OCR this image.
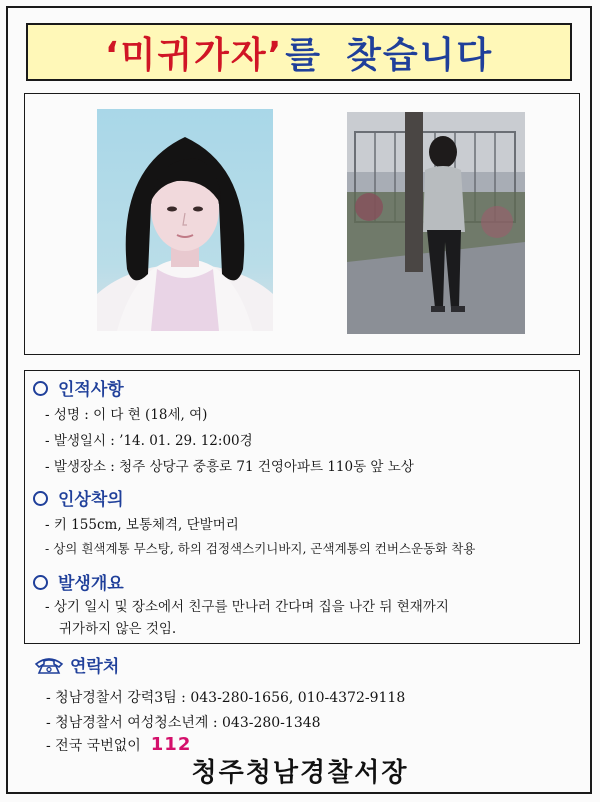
‘미귀가자’ 를 찾습니다
인적사항
- 성명 : 이 다 현 (18세, 여)
- 발생일시 : ’14. 01. 29. 12:00경
- 발생장소 : 청주 상당구 중흥로 71 건영아파트 110동 앞 노상
인상착의
- 키 155cm, 보통체격, 단발머리
- 상의 흰색계통 무스탕, 하의 검정색스키니바지, 곤색계통의 컨버스운동화 착용
발생개요
- 상기 일시 및 장소에서 친구를 만나러 간다며 집을 나간 뒤 현재까지
귀가하지 않은 것임.
연락처
- 청남경찰서 강력3팀 : 043-280-1656, 010-4372-9118
- 청남경찰서 여성청소년계 : 043-280-1348
- 전국 국번없이 112
청주청남경찰서장
